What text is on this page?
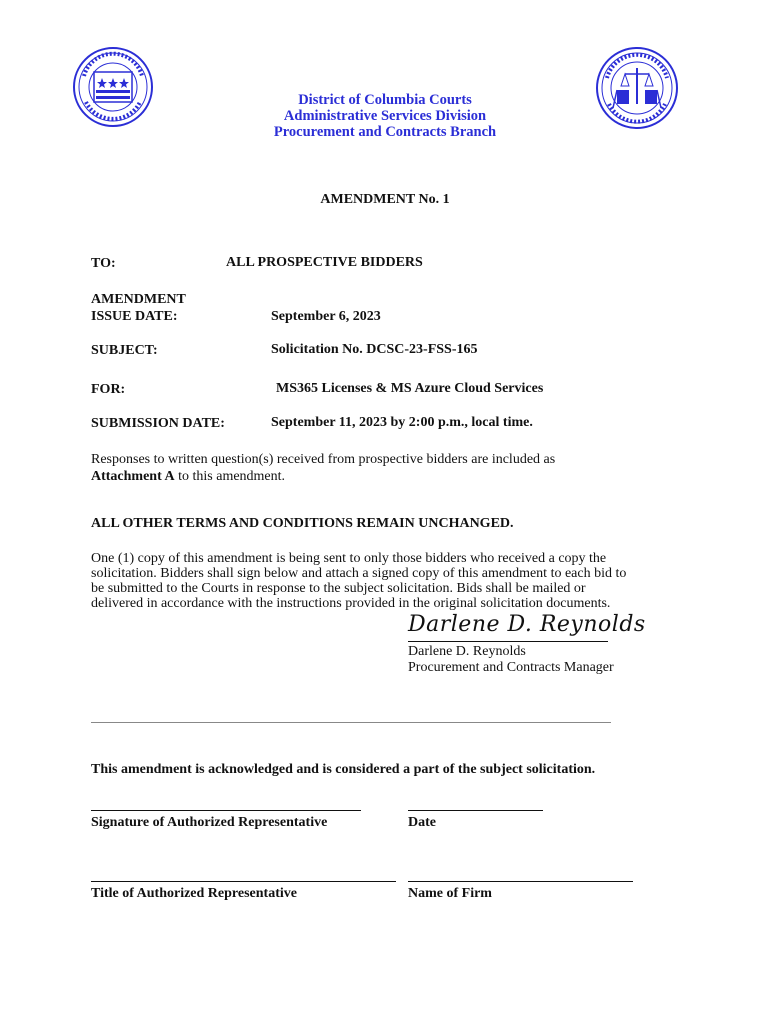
District of Columbia Courts
Administrative Services Division
Procurement and Contracts Branch
AMENDMENT No. 1
TO:	ALL PROSPECTIVE BIDDERS
AMENDMENT
ISSUE DATE:	September 6, 2023
SUBJECT:	Solicitation No. DCSC-23-FSS-165
FOR:	MS365 Licenses & MS Azure Cloud Services
SUBMISSION DATE:	September 11, 2023 by 2:00 p.m., local time.
Responses to written question(s) received from prospective bidders are included as
Attachment A to this amendment.
ALL OTHER TERMS AND CONDITIONS REMAIN UNCHANGED.
One (1) copy of this amendment is being sent to only those bidders who received a copy the
solicitation. Bidders shall sign below and attach a signed copy of this amendment to each bid to
be submitted to the Courts in response to the subject solicitation. Bids shall be mailed or
delivered in accordance with the instructions provided in the original solicitation documents.
Darlene D. Reynolds
Darlene D. Reynolds
Procurement and Contracts Manager
This amendment is acknowledged and is considered a part of the subject solicitation.
Signature of Authorized Representative	Date
Title of Authorized Representative	Name of Firm
